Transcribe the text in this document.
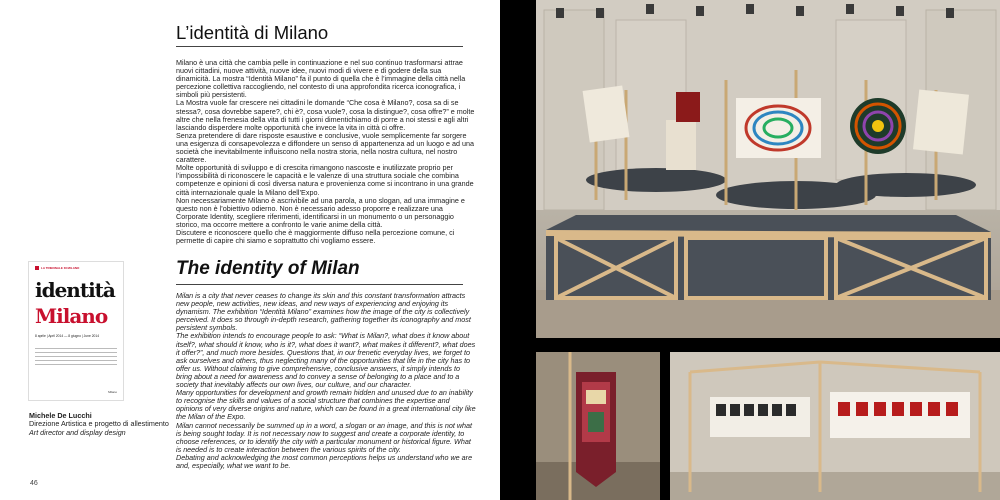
L’identità di Milano

Milano è una città che cambia pelle in continuazione e nel suo continuo trasformarsi attrae nuovi cittadini, nuove attività, nuove idee, nuovi modi di vivere e di godere della sua dinamicità. La mostra “Identità Milano” fa il punto di quella che è l’immagine della città nella percezione collettiva raccogliendo, nel contesto di una approfondita ricerca iconografica, i simboli più persistenti.

La Mostra vuole far crescere nei cittadini le domande “Che cosa è Milano?, cosa sa di se stessa?, cosa dovrebbe sapere?, chi è?, cosa vuole?, cosa la distingue?, cosa offre?” e molte altre che nella frenesia della vita di tutti i giorni dimentichiamo di porre a noi stessi e agli altri lasciando disperdere molte opportunità che invece la vita in città ci offre.

Senza pretendere di dare risposte esaustive e conclusive, vuole semplicemente far sorgere una esigenza di consapevolezza e diffondere un senso di appartenenza ad un luogo e ad una società che inevitabilmente influiscono nella nostra storia, nella nostra cultura, nel nostro carattere.

Molte opportunità di sviluppo e di crescita rimangono nascoste e inutilizzate proprio per l’impossibilità di riconoscere le capacità e le valenze di una struttura sociale che combina competenze e opinioni di così diversa natura e provenienza come si incontrano in una grande città internazionale quale la Milano dell’Expo.

Non necessariamente Milano è ascrivibile ad una parola, a uno slogan, ad una immagine e questo non è l’obiettivo odierno. Non è necessario adesso proporre e realizzare una Corporate Identity, scegliere riferimenti, identificarsi in un monumento o un personaggio storico, ma occorre mettere a confronto le varie anime della città.

Discutere e riconoscere quello che è maggiormente diffuso nella percezione comune, ci permette di capire chi siamo e soprattutto chi vogliamo essere.

The identity of Milan

Milan is a city that never ceases to change its skin and this constant transformation attracts new people, new activities, new ideas, and new ways of experiencing and enjoying its dynamism. The exhibition “Identità Milano” examines how the image of the city is collectively perceived. It does so through in-depth research, gathering together its iconography and most persistent symbols.

The exhibition intends to encourage people to ask: “What is Milan?, what does it know about itself?, what should it know, who is it?, what does it want?, what makes it different?, what does it offer?”, and much more besides. Questions that, in our frenetic everyday lives, we forget to ask ourselves and others, thus neglecting many of the opportunities that life in the city has to offer us. Without claiming to give comprehensive, conclusive answers, it simply intends to bring about a need for awareness and to convey a sense of belonging to a place and to a society that inevitably affects our own lives, our culture, and our character.

Many opportunities for development and growth remain hidden and unused due to an inability to recognise the skills and values of a social structure that combines the expertise and opinions of very diverse origins and nature, which can be found in a great international city like the Milan of the Expo.

Milan cannot necessarily be summed up in a word, a slogan or an image, and this is not what is being sought today. It is not necessary now to suggest and create a corporate identity, to choose references, or to identify the city with a particular monument or historical figure. What is needed is to create interaction between the various spirits of the city.

Debating and acknowledging the most common perceptions helps us understand who we are and, especially, what we want to be.

LA TRIENNALE DI MILANO
identità
Milano
8 aprile | April 2014 — 8 giugno | June 2014
Milano
Michele De Lucchi
Direzione Artistica e progetto di allestimento
Art director and display design
46
